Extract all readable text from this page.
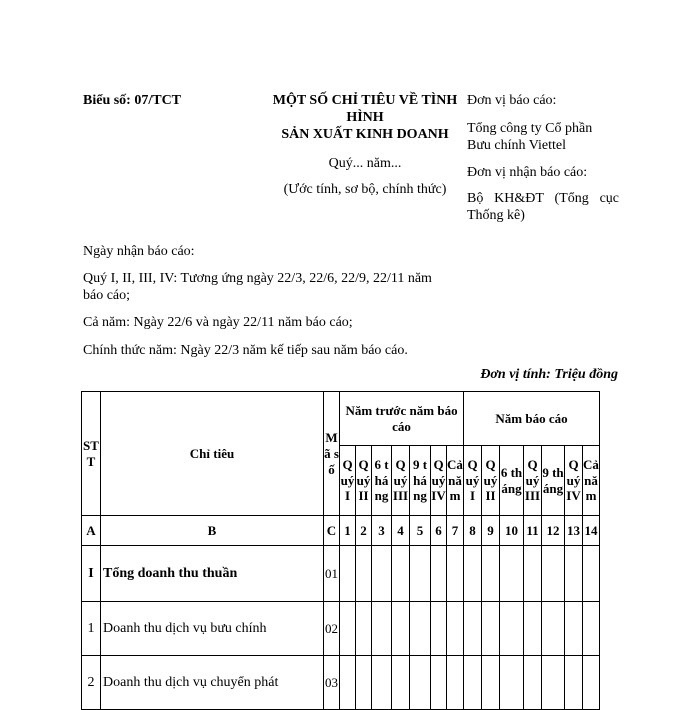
Biểu số: 07/TCT	MỘT SỐ CHỈ TIÊU VỀ TÌNH
HÌNH
SẢN XUẤT KINH DOANH
Quý... năm...
(Ước tính, sơ bộ, chính thức)
Đơn vị báo cáo:
Tổng công ty Cổ phần
Bưu chính Viettel
Đơn vị nhận báo cáo:
Bộ KH&ĐT (Tổng cục
Thống kê)
Ngày nhận báo cáo:
Quý I, II, III, IV: Tương ứng ngày 22/3, 22/6, 22/9, 22/11 năm
báo cáo;
Cả năm: Ngày 22/6 và ngày 22/11 năm báo cáo;
Chính thức năm: Ngày 22/3 năm kế tiếp sau năm báo cáo.
Đơn vị tính: Triệu đồng
STT	Chỉ tiêu	Mã số	Năm trước năm báo cáo							Năm báo cáo						
			Quý I	Quý II	6 tháng	Quý III	9 tháng	Quý IV	Cả năm	Quý I	Quý II	6 tháng	Quý III	9 tháng	Quý IV	Cả năm
A	B	C	1	2	3	4	5	6	7	8	9	10	11	12	13	14
I	Tổng doanh thu thuần	01														
1	Doanh thu dịch vụ bưu chính	02														
2	Doanh thu dịch vụ chuyển phát	03														
